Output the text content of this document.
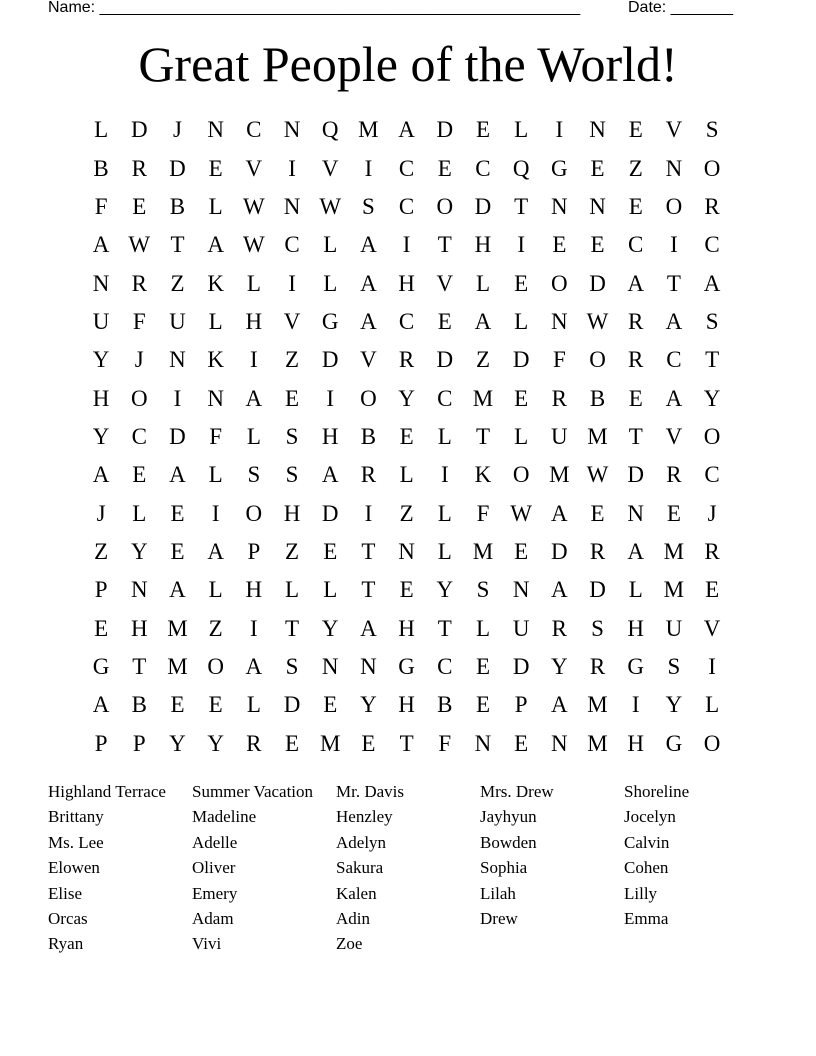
Name: ______________________________________________________	Date: _______
Great People of the World!
L D	J	N C N Q M A D E	L	I	N E V	S
B R D E V	I	V	I	C	E	C Q G E	Z N O
F	E	B	L W N W S	C O D T N N E O R
A W T A W C	L A	I	T H	I	E	E	C	I	C
N R	Z K L	I	L A H V L	E O D A T A
U	F	U L H V G A C	E A L N W R A	S
Y	J	N K	I	Z D V R D Z D	F	O R C	T
H O	I	N A E	I	O Y C M E	R B	E A Y
Y C D	F	L	S	H B	E	L	T	L U M T V O
A E A L	S	S	A R	L	I	K O M W D R C
J	L	E	I	O H D	I	Z	L	F W A E N E	J
Z Y E A	P	Z	E	T N L M E D R A M R
P	N A L H L	L	T	E Y	S	N A D L M E
E H M Z	I	T Y A H T	L U R	S	H U V
G T M O A	S	N N G C	E D Y R G	S	I
A B	E	E	L D E Y H B	E	P	A M	I	Y L
P	P	Y Y R	E M E	T	F	N E N M H G O
Highland Terrace
Brittany
Ms. Lee
Elowen
Elise
Orcas
Ryan
Summer Vacation
Madeline
Adelle
Oliver
Emery
Adam
Vivi
Mr. Davis
Henzley
Adelyn
Sakura
Kalen
Adin
Zoe
Mrs. Drew
Jayhyun
Bowden
Sophia
Lilah
Drew
Shoreline
Jocelyn
Calvin
Cohen
Lilly
Emma
